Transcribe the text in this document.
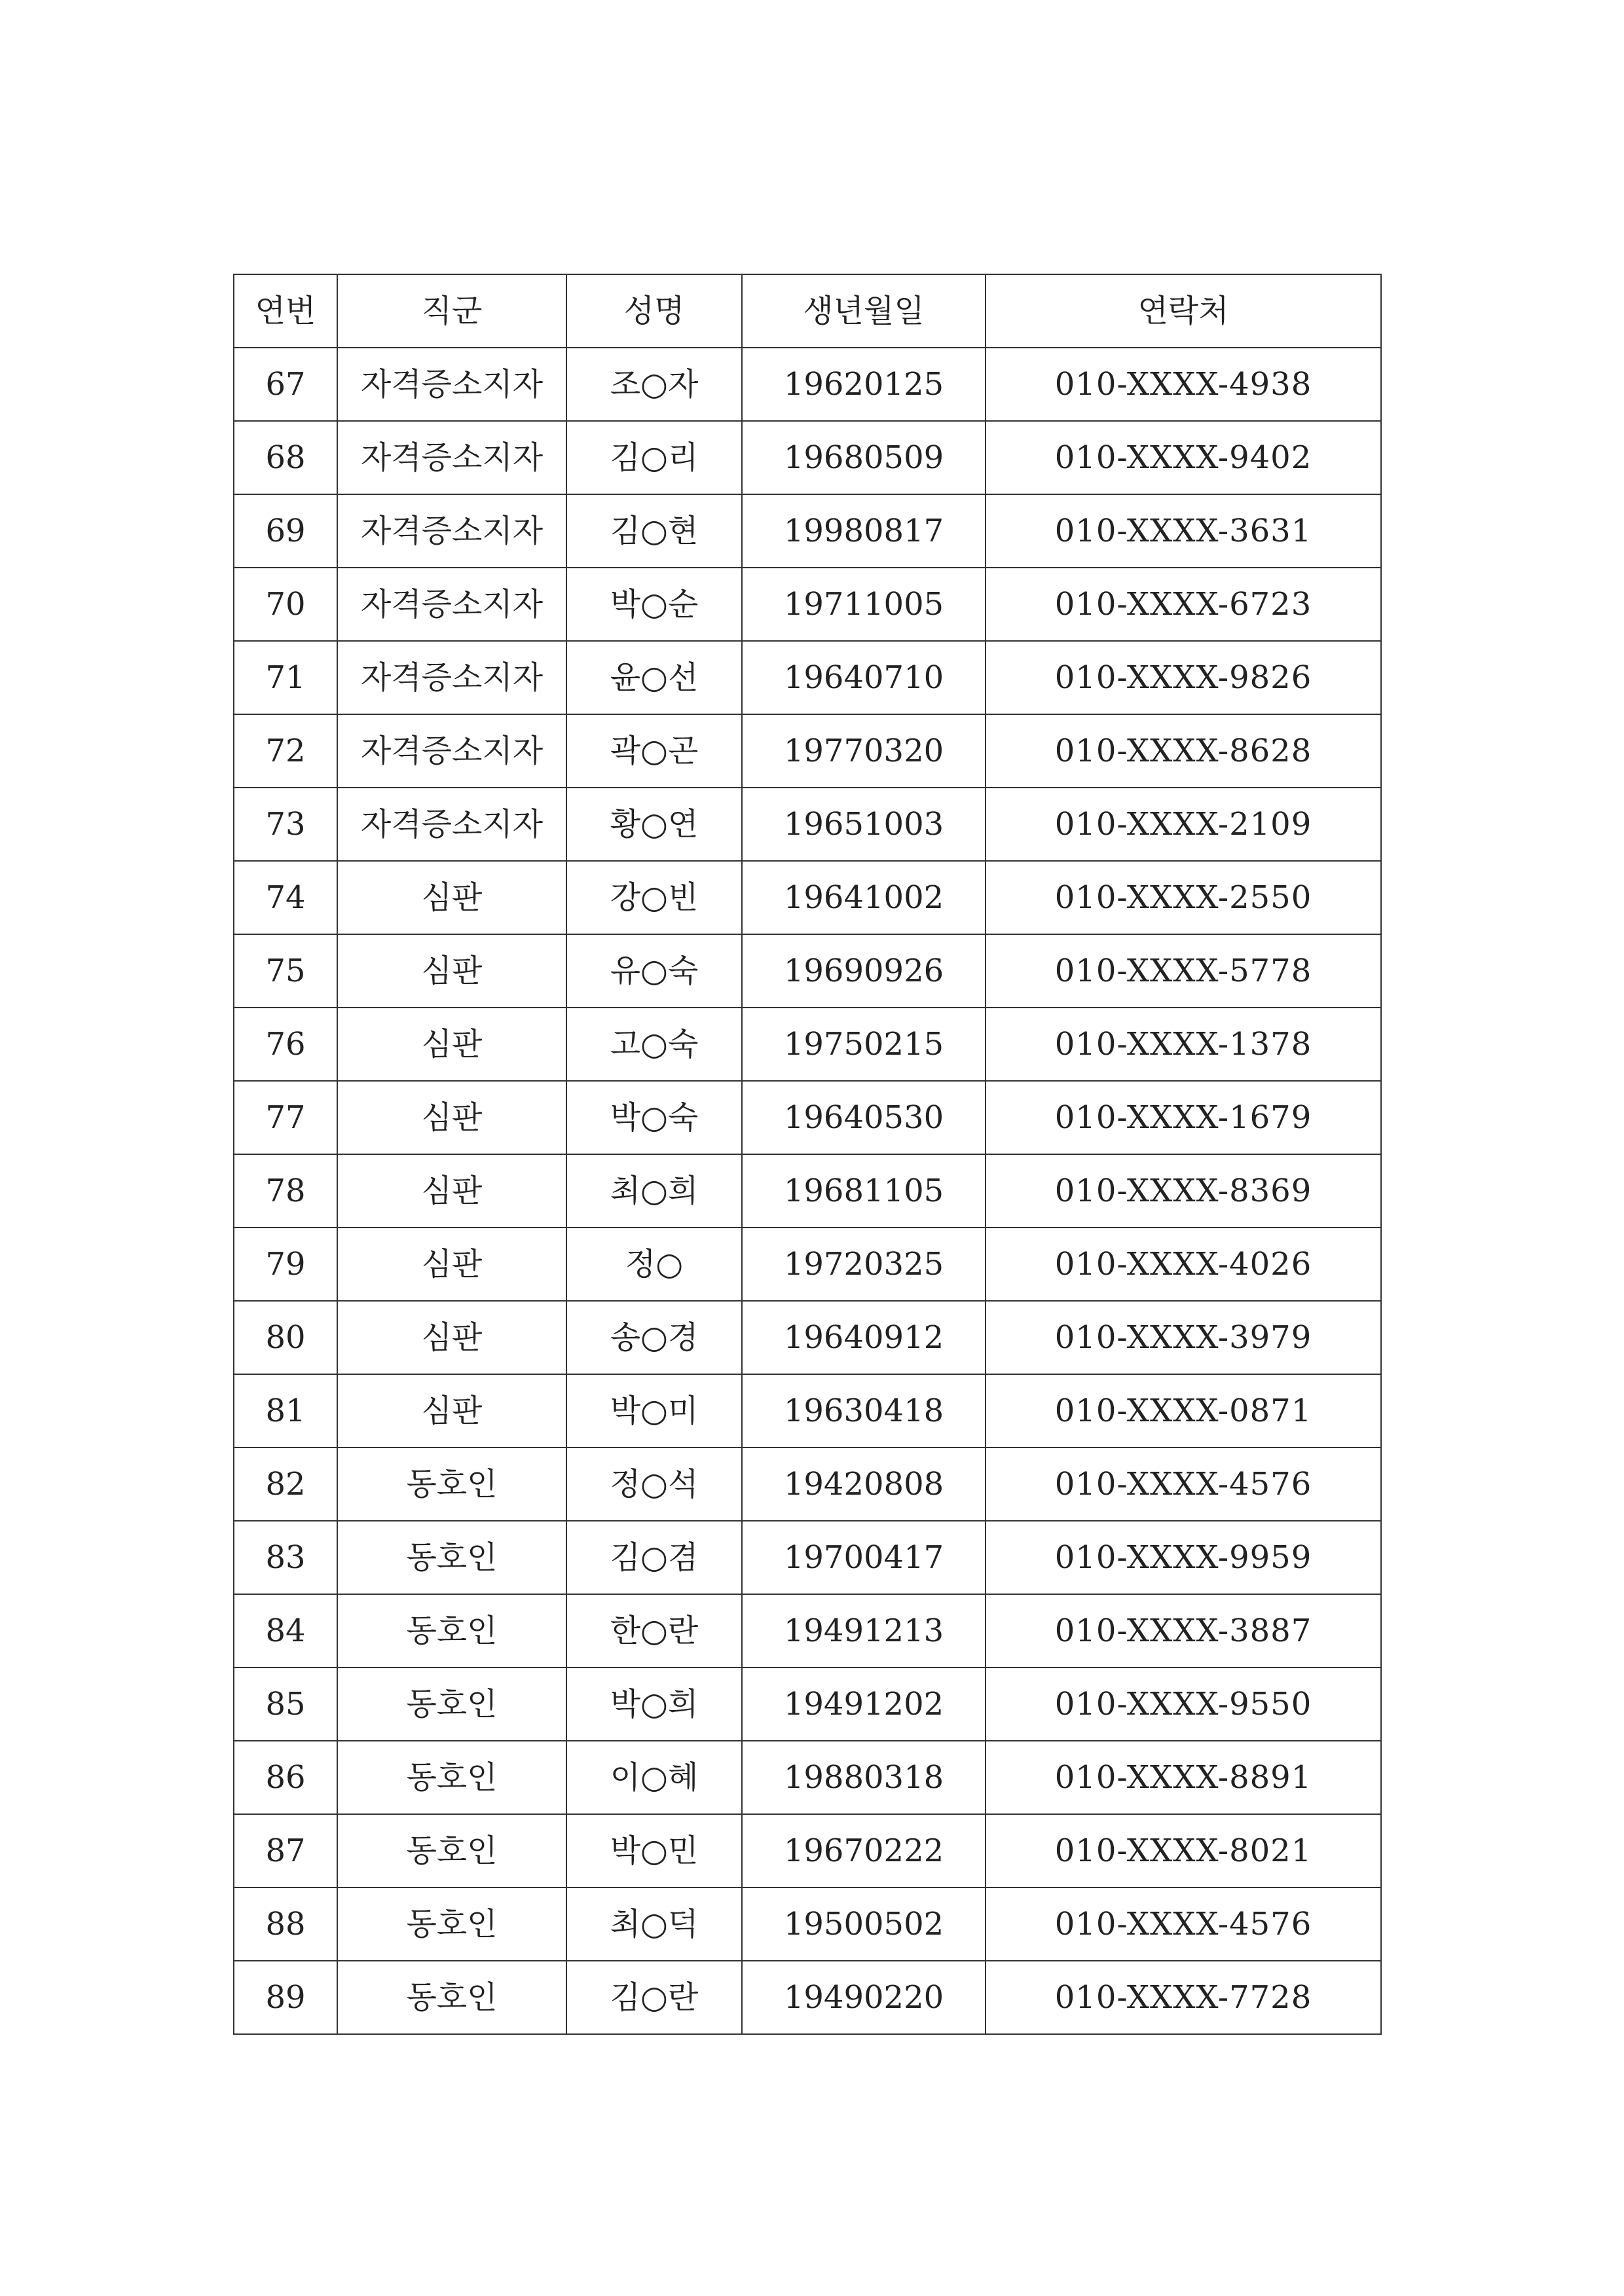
연번	직군	성명	생년월일	연락처
67	자격증소지자	조○자	19620125	010-XXXX-4938
68	자격증소지자	김○리	19680509	010-XXXX-9402
69	자격증소지자	김○현	19980817	010-XXXX-3631
70	자격증소지자	박○순	19711005	010-XXXX-6723
71	자격증소지자	윤○선	19640710	010-XXXX-9826
72	자격증소지자	곽○곤	19770320	010-XXXX-8628
73	자격증소지자	황○연	19651003	010-XXXX-2109
74	심판	강○빈	19641002	010-XXXX-2550
75	심판	유○숙	19690926	010-XXXX-5778
76	심판	고○숙	19750215	010-XXXX-1378
77	심판	박○숙	19640530	010-XXXX-1679
78	심판	최○희	19681105	010-XXXX-8369
79	심판	정○	19720325	010-XXXX-4026
80	심판	송○경	19640912	010-XXXX-3979
81	심판	박○미	19630418	010-XXXX-0871
82	동호인	정○석	19420808	010-XXXX-4576
83	동호인	김○겸	19700417	010-XXXX-9959
84	동호인	한○란	19491213	010-XXXX-3887
85	동호인	박○희	19491202	010-XXXX-9550
86	동호인	이○혜	19880318	010-XXXX-8891
87	동호인	박○민	19670222	010-XXXX-8021
88	동호인	최○덕	19500502	010-XXXX-4576
89	동호인	김○란	19490220	010-XXXX-7728
